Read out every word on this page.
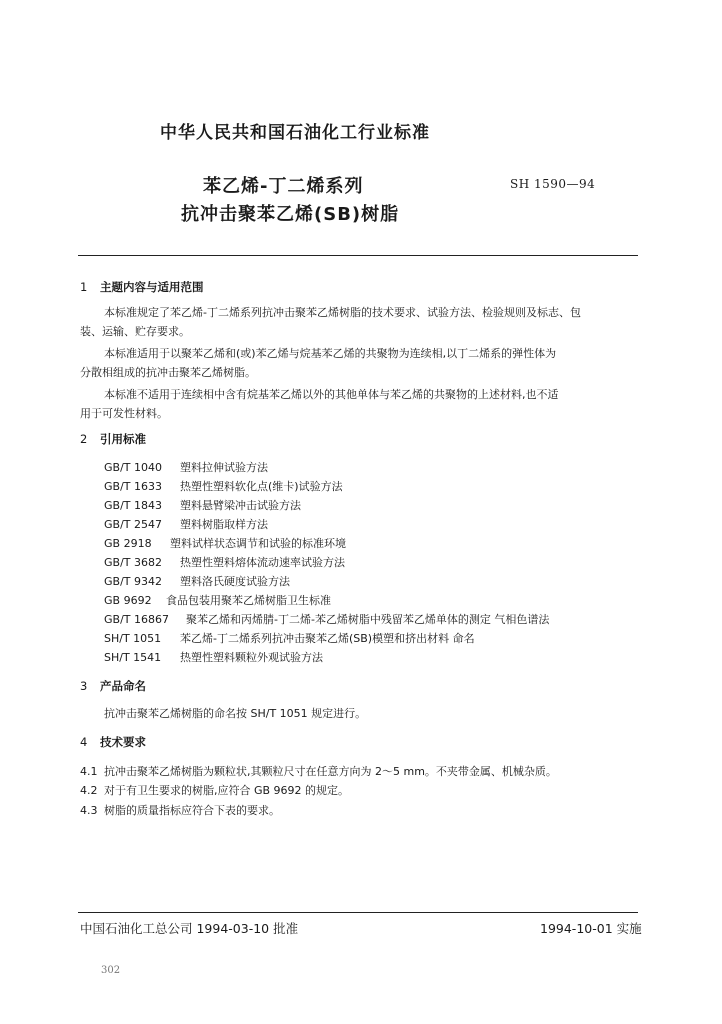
中华人民共和国石油化工行业标准
苯乙烯-丁二烯系列
抗冲击聚苯乙烯(SB)树脂
SH 1590—94
1 主题内容与适用范围
本标准规定了苯乙烯-丁二烯系列抗冲击聚苯乙烯树脂的技术要求、试验方法、检验规则及标志、包
装、运输、贮存要求。
本标准适用于以聚苯乙烯和(或)苯乙烯与烷基苯乙烯的共聚物为连续相,以丁二烯系的弹性体为
分散相组成的抗冲击聚苯乙烯树脂。
本标准不适用于连续相中含有烷基苯乙烯以外的其他单体与苯乙烯的共聚物的上述材料,也不适
用于可发性材料。
2 引用标准
GB/T 1040 塑料拉伸试验方法
GB/T 1633 热塑性塑料软化点(维卡)试验方法
GB/T 1843 塑料悬臂梁冲击试验方法
GB/T 2547 塑料树脂取样方法
GB 2918 塑料试样状态调节和试验的标准环境
GB/T 3682 热塑性塑料熔体流动速率试验方法
GB/T 9342 塑料洛氏硬度试验方法
GB 9692 食品包装用聚苯乙烯树脂卫生标准
GB/T 16867 聚苯乙烯和丙烯腈-丁二烯-苯乙烯树脂中残留苯乙烯单体的测定 气相色谱法
SH/T 1051 苯乙烯-丁二烯系列抗冲击聚苯乙烯(SB)模塑和挤出材料 命名
SH/T 1541 热塑性塑料颗粒外观试验方法
3 产品命名
抗冲击聚苯乙烯树脂的命名按 SH/T 1051 规定进行。
4 技术要求
4.1 抗冲击聚苯乙烯树脂为颗粒状,其颗粒尺寸在任意方向为 2～5 mm。不夹带金属、机械杂质。
4.2 对于有卫生要求的树脂,应符合 GB 9692 的规定。
4.3 树脂的质量指标应符合下表的要求。
中国石油化工总公司 1994-03-10 批准	1994-10-01 实施
302
